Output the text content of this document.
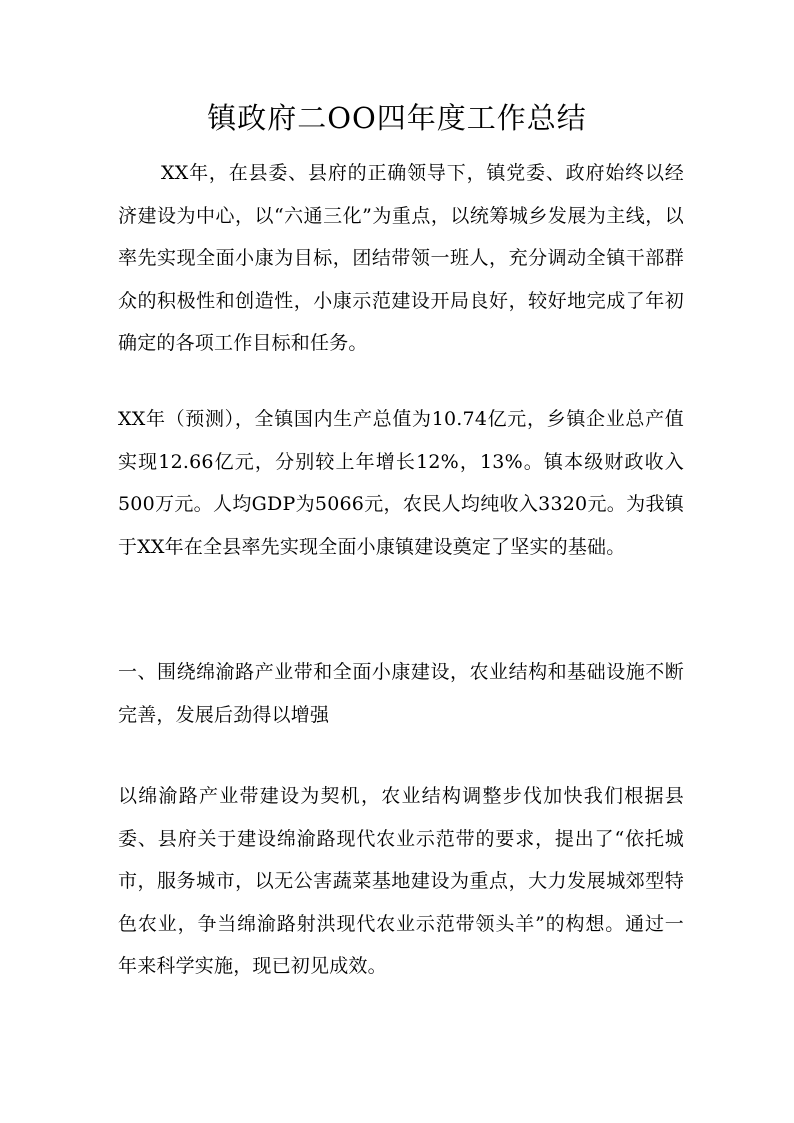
镇政府二OO四年度工作总结

XX年，在县委、县府的正确领导下，镇党委、政府始终以经济建设为中心，以“六通三化”为重点，以统筹城乡发展为主线，以率先实现全面小康为目标，团结带领一班人，充分调动全镇干部群众的积极性和创造性，小康示范建设开局良好，较好地完成了年初确定的各项工作目标和任务。

XX年（预测），全镇国内生产总值为10.74亿元，乡镇企业总产值实现12.66亿元，分别较上年增长12%，13%。镇本级财政收入500万元。人均GDP为5066元，农民人均纯收入3320元。为我镇于XX年在全县率先实现全面小康镇建设奠定了坚实的基础。

一、围绕绵渝路产业带和全面小康建设，农业结构和基础设施不断完善，发展后劲得以增强

以绵渝路产业带建设为契机，农业结构调整步伐加快我们根据县委、县府关于建设绵渝路现代农业示范带的要求，提出了“依托城市，服务城市，以无公害蔬菜基地建设为重点，大力发展城郊型特色农业，争当绵渝路射洪现代农业示范带领头羊”的构想。通过一年来科学实施，现已初见成效。
